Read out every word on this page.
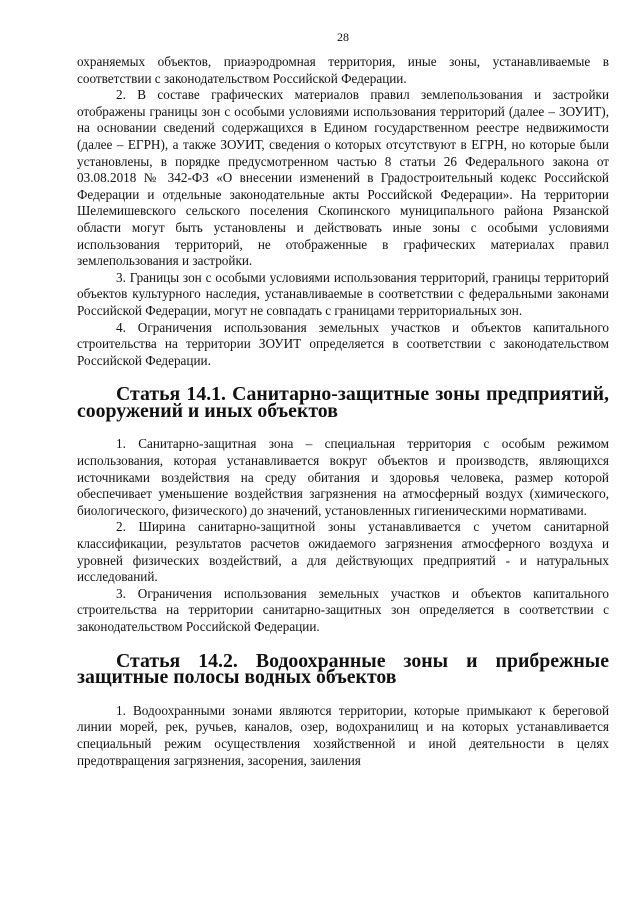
28

охраняемых объектов, приаэродромная территория, иные зоны, устанавливаемые в соответствии с законодательством Российской Федерации.

2. В составе графических материалов правил землепользования и застройки отображены границы зон с особыми условиями использования территорий (далее – ЗОУИТ), на основании сведений содержащихся в Едином государственном реестре недвижимости (далее – ЕГРН), а также ЗОУИТ, сведения о которых отсутствуют в ЕГРН, но которые были установлены, в порядке предусмотренном частью 8 статьи 26 Федерального закона от 03.08.2018 № 342-ФЗ «О внесении изменений в Градостроительный кодекс Российской Федерации и отдельные законодательные акты Российской Федерации». На территории Шелемишевского сельского поселения Скопинского муниципального района Рязанской области могут быть установлены и действовать иные зоны с особыми условиями использования территорий, не отображенные в графических материалах правил землепользования и застройки.

3. Границы зон с особыми условиями использования территорий, границы территорий объектов культурного наследия, устанавливаемые в соответствии с федеральными законами Российской Федерации, могут не совпадать с границами территориальных зон.

4. Ограничения использования земельных участков и объектов капитального строительства на территории ЗОУИТ определяется в соответствии с законодательством Российской Федерации.

Статья 14.1. Санитарно-защитные зоны предприятий, сооружений и иных объектов

1. Санитарно-защитная зона – специальная территория с особым режимом использования, которая устанавливается вокруг объектов и производств, являющихся источниками воздействия на среду обитания и здоровья человека, размер которой обеспечивает уменьшение воздействия загрязнения на атмосферный воздух (химического, биологического, физического) до значений, установленных гигиеническими нормативами.

2. Ширина санитарно-защитной зоны устанавливается с учетом санитарной классификации, результатов расчетов ожидаемого загрязнения атмосферного воздуха и уровней физических воздействий, а для действующих предприятий - и натуральных исследований.

3. Ограничения использования земельных участков и объектов капитального строительства на территории санитарно-защитных зон определяется в соответствии с законодательством Российской Федерации.

Статья 14.2. Водоохранные зоны и прибрежные защитные полосы водных объектов

1. Водоохранными зонами являются территории, которые примыкают к береговой линии морей, рек, ручьев, каналов, озер, водохранилищ и на которых устанавливается специальный режим осуществления хозяйственной и иной деятельности в целях предотвращения загрязнения, засорения, заиления
